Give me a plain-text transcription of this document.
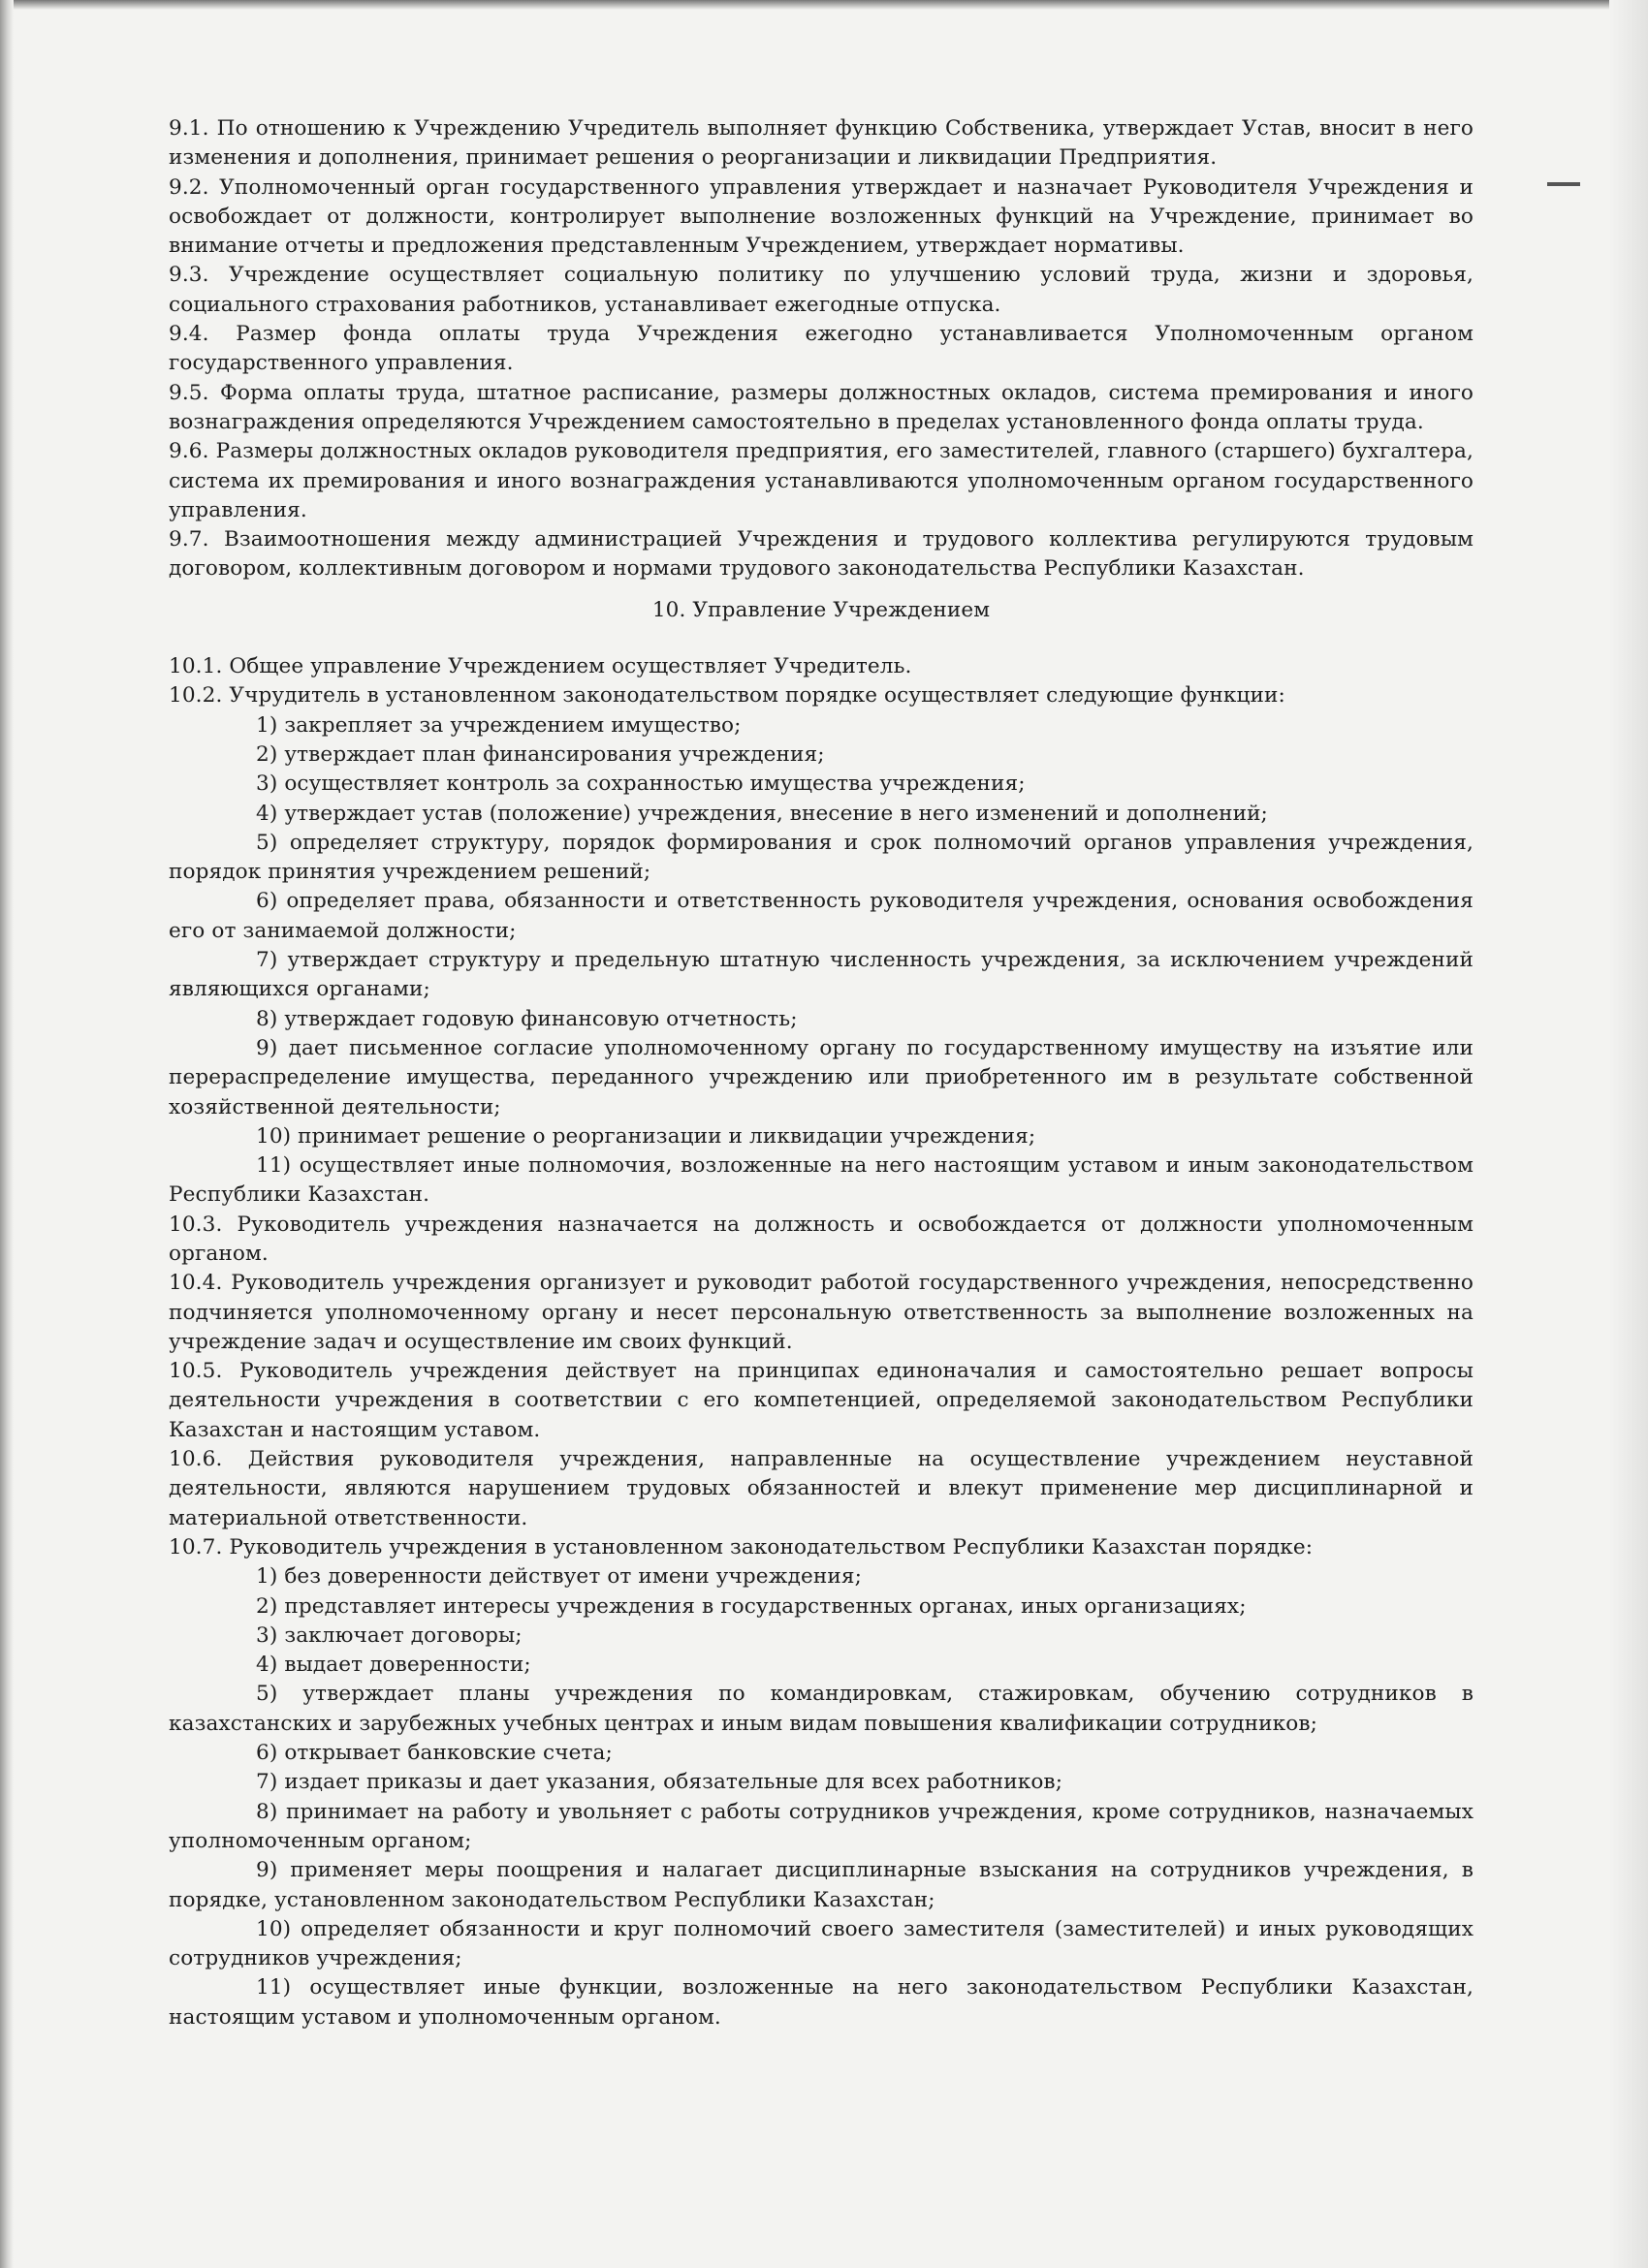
9.1. По отношению к Учреждению Учредитель выполняет функцию Собственика, утверждает Устав, вносит в него изменения и дополнения, принимает решения о реорганизации и ликвидации Предприятия.

9.2. Уполномоченный орган государственного управления утверждает и назначает Руководителя Учреждения и освобождает от должности, контролирует выполнение возложенных функций на Учреждение, принимает во внимание отчеты и предложения представленным Учреждением, утверждает нормативы.

9.3. Учреждение осуществляет социальную политику по улучшению условий труда, жизни и здоровья, социального страхования работников, устанавливает ежегодные отпуска.

9.4. Размер фонда оплаты труда Учреждения ежегодно устанавливается Уполномоченным органом государственного управления.

9.5. Форма оплаты труда, штатное расписание, размеры должностных окладов, система премирования и иного вознаграждения определяются Учреждением самостоятельно в пределах установленного фонда оплаты труда.

9.6. Размеры должностных окладов руководителя предприятия, его заместителей, главного (старшего) бухгалтера, система их премирования и иного вознаграждения устанавливаются уполномоченным органом государственного управления.

9.7. Взаимоотношения между администрацией Учреждения и трудового коллектива регулируются трудовым договором, коллективным договором и нормами трудового законодательства Республики Казахстан.

10. Управление Учреждением

10.1. Общее управление Учреждением осуществляет Учредитель.

10.2. Учрудитель в установленном законодательством порядке осуществляет следующие функции:

1) закрепляет за учреждением имущество;

2) утверждает план финансирования учреждения;

3) осуществляет контроль за сохранностью имущества учреждения;

4) утверждает устав (положение) учреждения, внесение в него изменений и дополнений;

5) определяет структуру, порядок формирования и срок полномочий органов управления учреждения, порядок принятия учреждением решений;

6) определяет права, обязанности и ответственность руководителя учреждения, основания освобождения его от занимаемой должности;

7) утверждает структуру и предельную штатную численность учреждения, за исключением учреждений являющихся органами;

8) утверждает годовую финансовую отчетность;

9) дает письменное согласие уполномоченному органу по государственному имуществу на изъятие или перераспределение имущества, переданного учреждению или приобретенного им в результате собственной хозяйственной деятельности;

10) принимает решение о реорганизации и ликвидации учреждения;

11) осуществляет иные полномочия, возложенные на него настоящим уставом и иным законодательством Республики Казахстан.

10.3. Руководитель учреждения назначается на должность и освобождается от должности уполномоченным органом.

10.4. Руководитель учреждения организует и руководит работой государственного учреждения, непосредственно подчиняется уполномоченному органу и несет персональную ответственность за выполнение возложенных на учреждение задач и осуществление им своих функций.

10.5. Руководитель учреждения действует на принципах единоначалия и самостоятельно решает вопросы деятельности учреждения в соответствии с его компетенцией, определяемой законодательством Республики Казахстан и настоящим уставом.

10.6. Действия руководителя учреждения, направленные на осуществление учреждением неуставной деятельности, являются нарушением трудовых обязанностей и влекут применение мер дисциплинарной и материальной ответственности.

10.7. Руководитель учреждения в установленном законодательством Республики Казахстан порядке:

1) без доверенности действует от имени учреждения;

2) представляет интересы учреждения в государственных органах, иных организациях;

3) заключает договоры;

4) выдает доверенности;

5) утверждает планы учреждения по командировкам, стажировкам, обучению сотрудников в казахстанских и зарубежных учебных центрах и иным видам повышения квалификации сотрудников;

6) открывает банковские счета;

7) издает приказы и дает указания, обязательные для всех работников;

8) принимает на работу и увольняет с работы сотрудников учреждения, кроме сотрудников, назначаемых уполномоченным органом;

9) применяет меры поощрения и налагает дисциплинарные взыскания на сотрудников учреждения, в порядке, установленном законодательством Республики Казахстан;

10) определяет обязанности и круг полномочий своего заместителя (заместителей) и иных руководящих сотрудников учреждения;

11) осуществляет иные функции, возложенные на него законодательством Республики Казахстан, настоящим уставом и уполномоченным органом.
